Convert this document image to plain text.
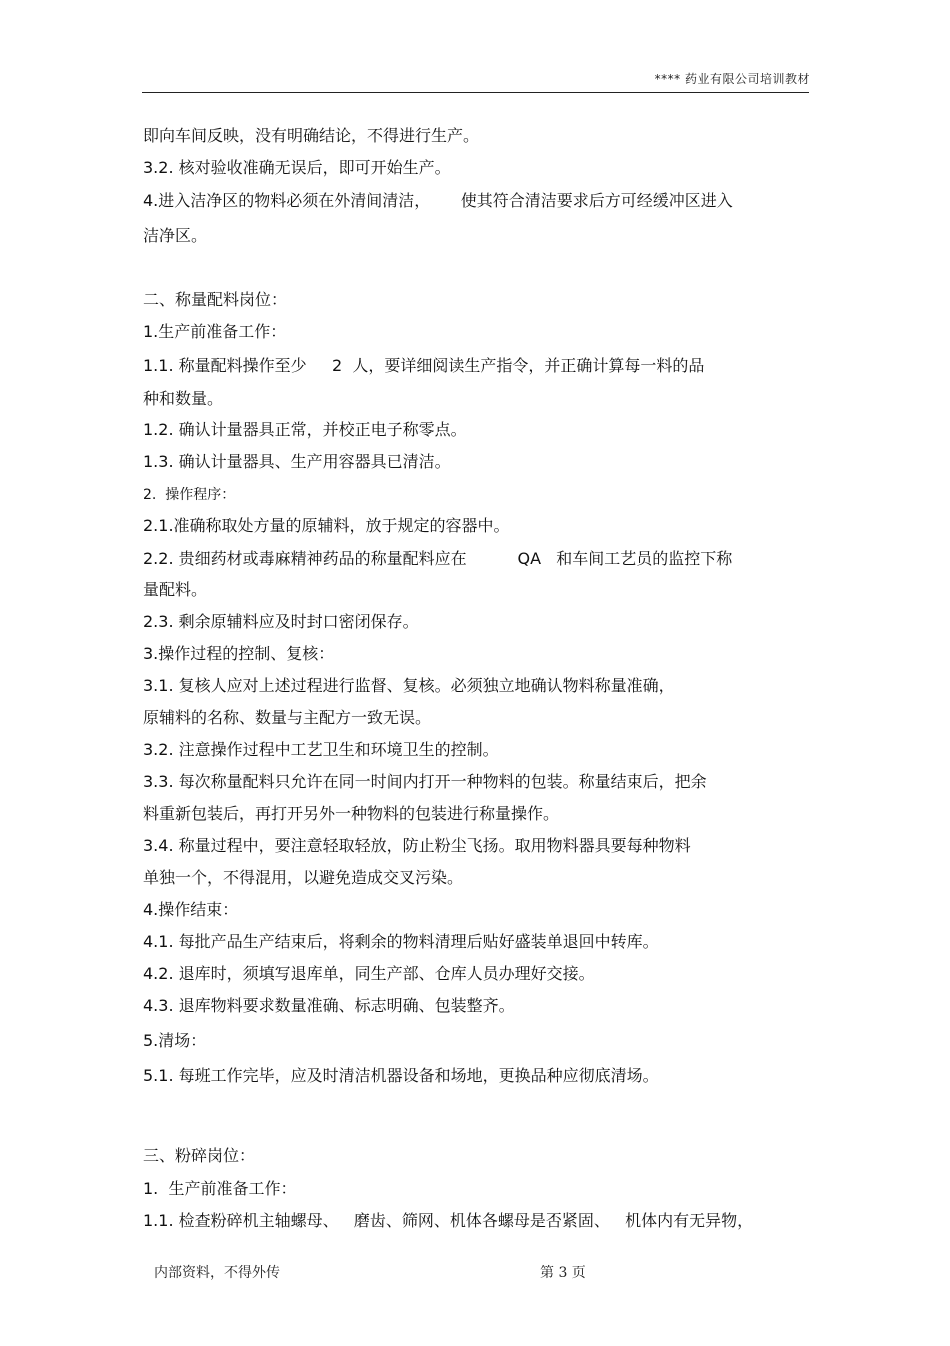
**** 药业有限公司培训教材
即向车间反映，没有明确结论，不得进行生产。
3.2. 核对验收准确无误后，即可开始生产。
4.进入洁净区的物料必须在外清间清洁，      使其符合清洁要求后方可经缓冲区进入
洁净区。
二、称量配料岗位：
1.生产前准备工作：
1.1. 称量配料操作至少     2  人，要详细阅读生产指令，并正确计算每一料的品
种和数量。
1.2. 确认计量器具正常，并校正电子称零点。
1.3. 确认计量器具、生产用容器具已清洁。
2.  操作程序：
2.1.准确称取处方量的原辅料，放于规定的容器中。
2.2. 贵细药材或毒麻精神药品的称量配料应在          QA   和车间工艺员的监控下称
量配料。
2.3. 剩余原辅料应及时封口密闭保存。
3.操作过程的控制、复核：
3.1. 复核人应对上述过程进行监督、复核。必须独立地确认物料称量准确，
原辅料的名称、数量与主配方一致无误。
3.2. 注意操作过程中工艺卫生和环境卫生的控制。
3.3. 每次称量配料只允许在同一时间内打开一种物料的包装。称量结束后，把余
料重新包装后，再打开另外一种物料的包装进行称量操作。
3.4. 称量过程中，要注意轻取轻放，防止粉尘飞扬。取用物料器具要每种物料
单独一个，不得混用，以避免造成交叉污染。
4.操作结束：
4.1. 每批产品生产结束后，将剩余的物料清理后贴好盛装单退回中转库。
4.2. 退库时，须填写退库单，同生产部、仓库人员办理好交接。
4.3. 退库物料要求数量准确、标志明确、包装整齐。
5.清场：
5.1. 每班工作完毕，应及时清洁机器设备和场地，更换品种应彻底清场。
三、粉碎岗位：
1.  生产前准备工作：
1.1. 检查粉碎机主轴螺母、   磨齿、筛网、机体各螺母是否紧固、   机体内有无异物，
内部资料，不得外传	第 3 页
